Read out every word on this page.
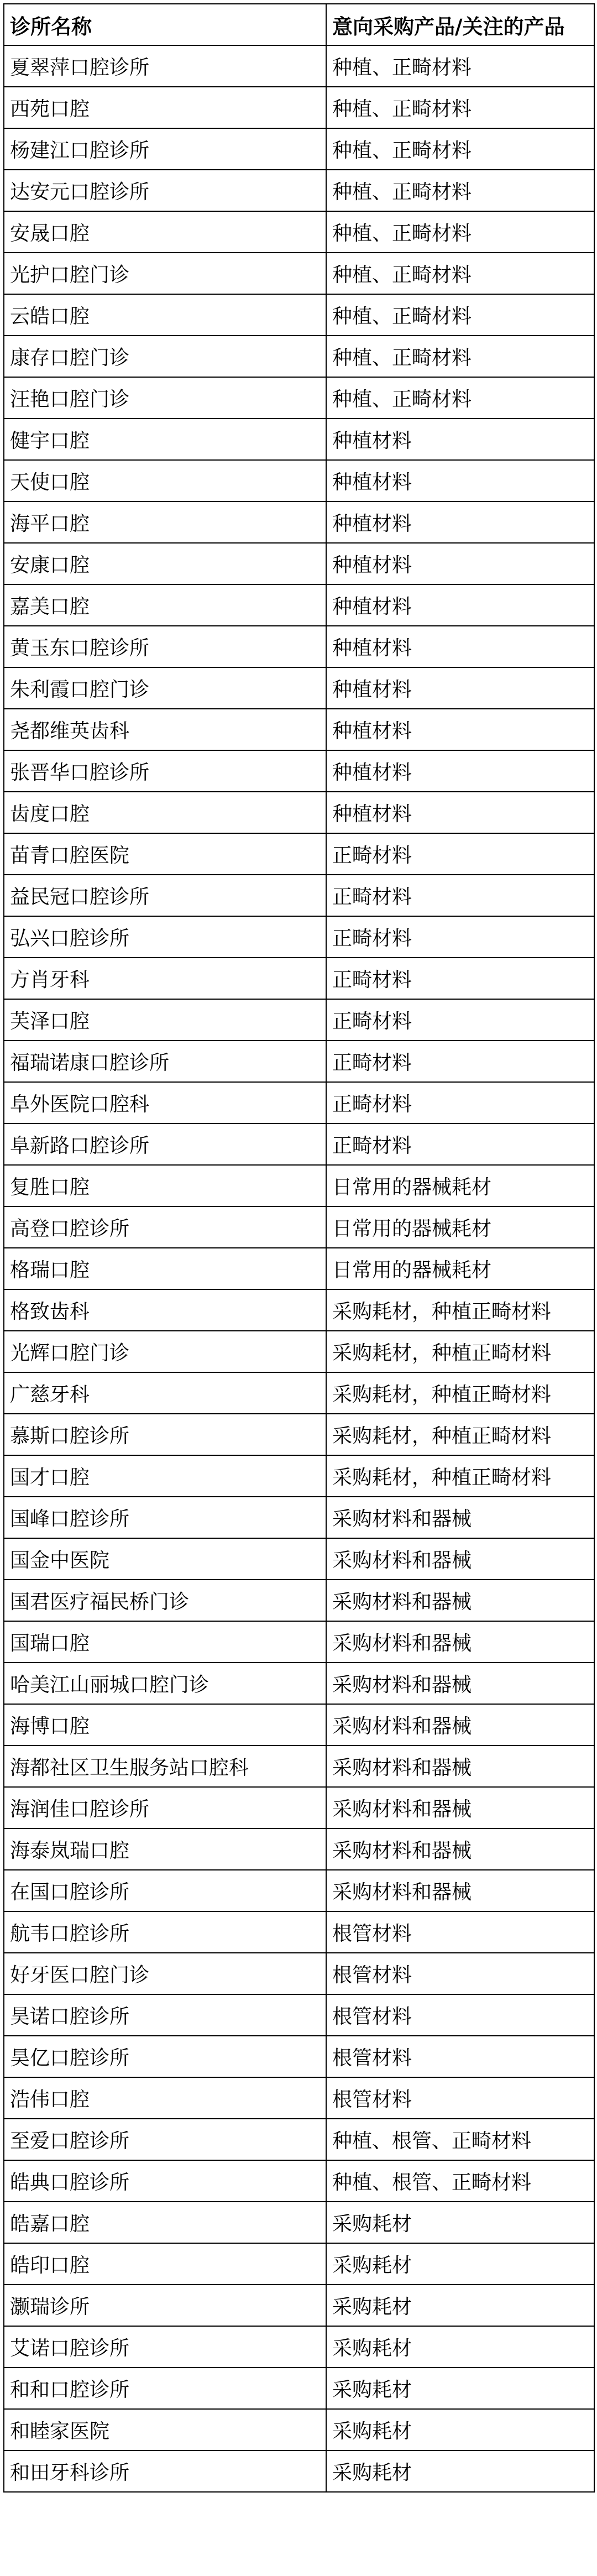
诊所名称	意向采购产品/关注的产品
夏翠萍口腔诊所	种植、正畸材料
西苑口腔	种植、正畸材料
杨建江口腔诊所	种植、正畸材料
达安元口腔诊所	种植、正畸材料
安晟口腔	种植、正畸材料
光护口腔门诊	种植、正畸材料
云皓口腔	种植、正畸材料
康存口腔门诊	种植、正畸材料
汪艳口腔门诊	种植、正畸材料
健宇口腔	种植材料
天使口腔	种植材料
海平口腔	种植材料
安康口腔	种植材料
嘉美口腔	种植材料
黄玉东口腔诊所	种植材料
朱利霞口腔门诊	种植材料
尧都维英齿科	种植材料
张晋华口腔诊所	种植材料
齿度口腔	种植材料
苗青口腔医院	正畸材料
益民冠口腔诊所	正畸材料
弘兴口腔诊所	正畸材料
方肖牙科	正畸材料
芙泽口腔	正畸材料
福瑞诺康口腔诊所	正畸材料
阜外医院口腔科	正畸材料
阜新路口腔诊所	正畸材料
复胜口腔	日常用的器械耗材
高登口腔诊所	日常用的器械耗材
格瑞口腔	日常用的器械耗材
格致齿科	采购耗材，种植正畸材料
光辉口腔门诊	采购耗材，种植正畸材料
广慈牙科	采购耗材，种植正畸材料
慕斯口腔诊所	采购耗材，种植正畸材料
国才口腔	采购耗材，种植正畸材料
国峰口腔诊所	采购材料和器械
国金中医院	采购材料和器械
国君医疗福民桥门诊	采购材料和器械
国瑞口腔	采购材料和器械
哈美江山丽城口腔门诊	采购材料和器械
海博口腔	采购材料和器械
海都社区卫生服务站口腔科	采购材料和器械
海润佳口腔诊所	采购材料和器械
海泰岚瑞口腔	采购材料和器械
在国口腔诊所	采购材料和器械
航韦口腔诊所	根管材料
好牙医口腔门诊	根管材料
昊诺口腔诊所	根管材料
昊亿口腔诊所	根管材料
浩伟口腔	根管材料
至爱口腔诊所	种植、根管、正畸材料
皓典口腔诊所	种植、根管、正畸材料
皓嘉口腔	采购耗材
皓印口腔	采购耗材
灏瑞诊所	采购耗材
艾诺口腔诊所	采购耗材
和和口腔诊所	采购耗材
和睦家医院	采购耗材
和田牙科诊所	采购耗材
